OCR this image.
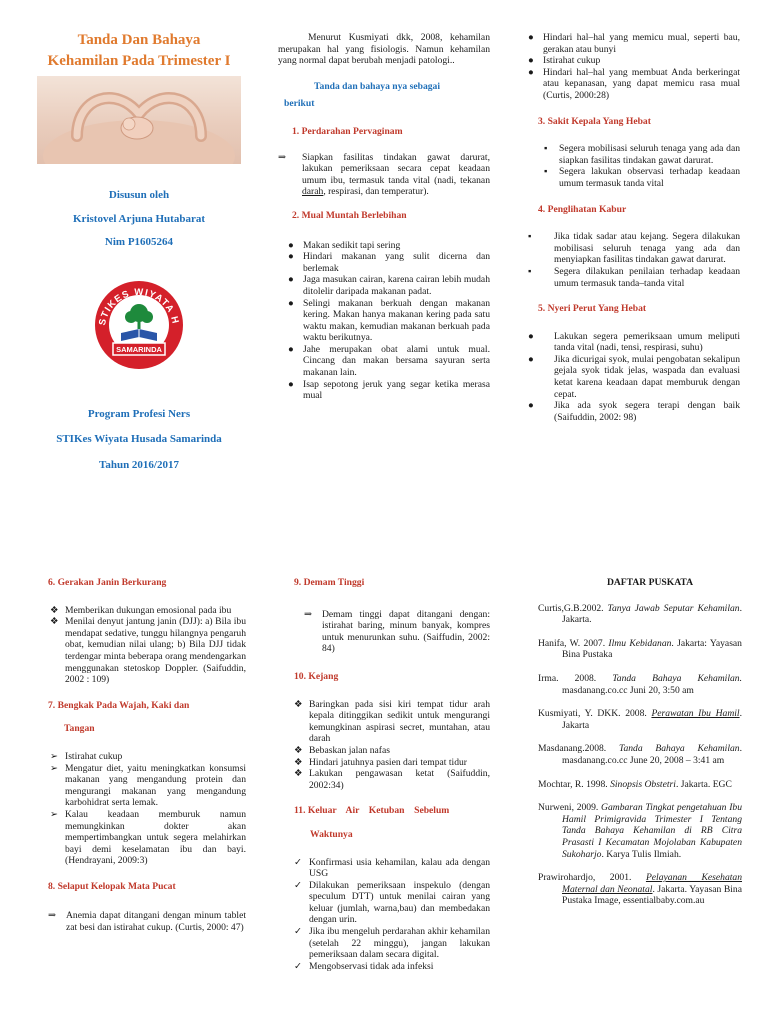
Tanda Dan Bahaya
Kehamilan Pada Trimester I
Disusun oleh
Kristovel Arjuna Hutabarat
Nim P1605264
STIKES WIYATA H
SAMARINDA
Program Profesi Ners
STIKes Wiyata Husada Samarinda
Tahun 2016/2017

Menurut Kusmiyati dkk, 2008, kehamilan merupakan hal yang fisiologis. Namun kehamilan yang normal dapat berubah menjadi patologi..

Tanda dan bahaya nya sebagai
berikut
1. Perdarahan Pervaginam
⇒ Siapkan fasilitas tindakan gawat darurat, lakukan pemeriksaan secara cepat keadaan umum ibu, termasuk tanda vital (nadi, tekanan darah, respirasi, dan temperatur).
2. Mual Muntah Berlebihan
● Makan sedikit tapi sering
● Hindari makanan yang sulit dicerna dan berlemak
● Jaga masukan cairan, karena cairan lebih mudah ditolelir daripada makanan padat.
● Selingi makanan berkuah dengan makanan kering. Makan hanya makanan kering pada satu waktu makan, kemudian makanan berkuah pada waktu berikutnya.
● Jahe merupakan obat alami untuk mual. Cincang dan makan bersama sayuran serta makanan lain.
● Isap sepotong jeruk yang segar ketika merasa mual
● Hindari hal–hal yang memicu mual, seperti bau, gerakan atau bunyi
● Istirahat cukup
● Hindari hal–hal yang membuat Anda berkeringat atau kepanasan, yang dapat memicu rasa mual (Curtis, 2000:28)
3. Sakit Kepala Yang Hebat
▪	Segera mobilisasi seluruh tenaga yang ada dan siapkan fasilitas tindakan gawat darurat.
▪	Segera lakukan observasi terhadap keadaan umum termasuk tanda vital
4. Penglihatan Kabur
▪	Jika tidak sadar atau kejang. Segera dilakukan mobilisasi seluruh tenaga yang ada dan menyiapkan fasilitas tindakan gawat darurat.
▪	Segera dilakukan penilaian terhadap keadaan umum termasuk tanda–tanda vital
5. Nyeri Perut Yang Hebat
●	Lakukan segera pemeriksaan umum meliputi tanda vital (nadi, tensi, respirasi, suhu)
●	Jika dicurigai syok, mulai pengobatan sekalipun gejala syok tidak jelas, waspada dan evaluasi ketat karena keadaan dapat memburuk dengan cepat.
●	Jika ada syok segera terapi dengan baik (Saifuddin, 2002: 98)
6. Gerakan Janin Berkurang
❖ Memberikan dukungan emosional pada ibu
❖ Menilai denyut jantung janin (DJJ): a) Bila ibu mendapat sedative, tunggu hilangnya pengaruh obat, kemudian nilai ulang; b) Bila DJJ tidak terdengar minta beberapa orang mendengarkan menggunakan stetoskop Doppler. (Saifuddin, 2002 : 109)
7. Bengkak Pada Wajah, Kaki dan
Tangan
➢ Istirahat cukup
➢ Mengatur diet, yaitu meningkatkan konsumsi makanan yang mengandung protein dan mengurangi makanan yang mengandung karbohidrat serta lemak.
➢ Kalau keadaan memburuk namun memungkinkan dokter akan mempertimbangkan untuk segera melahirkan bayi demi keselamatan ibu dan bayi.(Hendrayani, 2009:3)
8. Selaput Kelopak Mata Pucat
⇒ Anemia dapat ditangani dengan minum tablet zat besi dan istirahat cukup. (Curtis, 2000: 47)
9. Demam Tinggi
⇒ Demam tinggi dapat ditangani dengan: istirahat baring, minum banyak, kompres untuk menurunkan suhu. (Saiffudin, 2002: 84)
10. Kejang
❖ Baringkan pada sisi kiri tempat tidur arah kepala ditinggikan sedikit untuk mengurangi kemungkinan aspirasi secret, muntahan, atau darah
❖ Bebaskan jalan nafas
❖ Hindari jatuhnya pasien dari tempat tidur
❖ Lakukan pengawasan ketat (Saifuddin, 2002:34)
11. Keluar    Air    Ketuban    Sebelum
Waktunya
✓ Konfirmasi usia kehamilan, kalau ada dengan USG
✓ Dilakukan pemeriksaan inspekulo (dengan speculum DTT) untuk menilai cairan yang keluar (jumlah, warna,bau) dan membedakan dengan urin.
✓ Jika ibu mengeluh perdarahan akhir kehamilan (setelah 22 minggu), jangan lakukan pemeriksaan dalam secara digital.
✓ Mengobservasi tidak ada infeksi
DAFTAR PUSKATA

Curtis,G.B.2002. Tanya Jawab Seputar Kehamilan. Jakarta.

Hanifa, W. 2007. Ilmu Kebidanan. Jakarta: Yayasan Bina Pustaka

Irma. 2008. Tanda Bahaya Kehamilan. masdanang.co.cc Juni 20, 3:50 am

Kusmiyati, Y. DKK. 2008. Perawatan Ibu Hamil. Jakarta

Masdanang.2008. Tanda Bahaya Kehamilan. masdanang.co.cc June 20, 2008 – 3:41 am

Mochtar, R. 1998. Sinopsis Obstetri. Jakarta. EGC

Nurweni, 2009. Gambaran Tingkat pengetahuan Ibu Hamil Primigravida Trimester I Tentang Tanda Bahaya Kehamilan di RB Citra Prasasti I Kecamatan Mojolaban Kabupaten Sukoharjo. Karya Tulis Ilmiah.

Prawirohardjo, 2001. Pelayanan Kesehatan Maternal dan Neonatal. Jakarta. Yayasan Bina Pustaka Image, essentialbaby.com.au
